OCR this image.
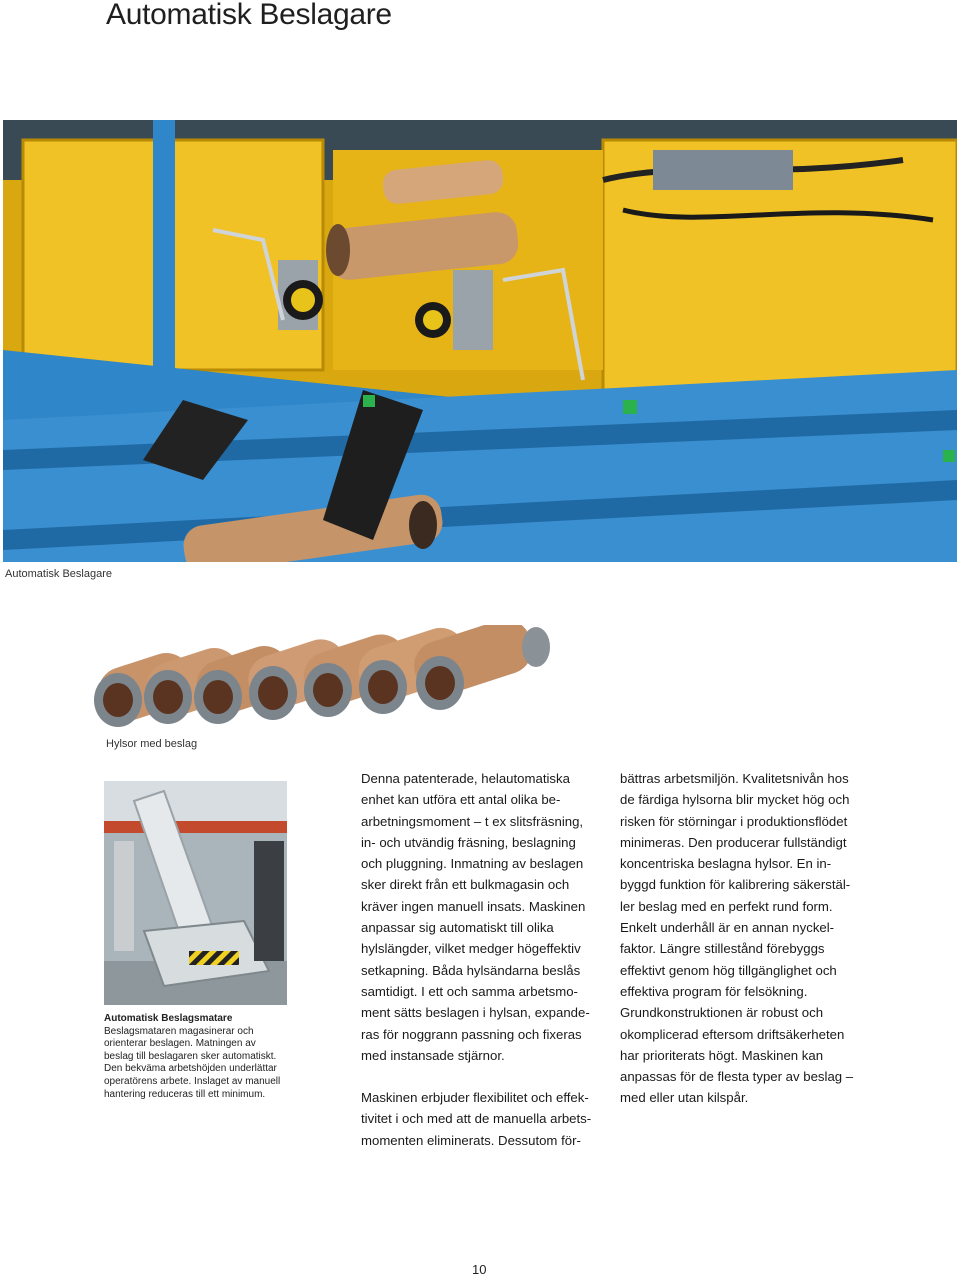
Automatisk Beslagare
Automatisk Beslagare
Hylsor med beslag
Automatisk Beslagsmatare
Beslagsmataren magasinerar och
orienterar beslagen. Matningen av
beslag till beslagaren sker automatiskt.
Den bekväma arbetshöjden underlättar
operatörens arbete. Inslaget av manuell
hantering reduceras till ett minimum.
Denna patenterade, helautomatiska
enhet kan utföra ett antal olika be-
arbetningsmoment – t ex slitsfräsning,
in- och utvändig fräsning, beslagning
och pluggning. Inmatning av beslagen
sker direkt från ett bulkmagasin och
kräver ingen manuell insats. Maskinen
anpassar sig automatiskt till olika
hylslängder, vilket medger högeffektiv
setkapning. Båda hylsändarna beslås
samtidigt. I ett och samma arbetsmo-
ment sätts beslagen i hylsan, expande-
ras för noggrann passning och fixeras
med instansade stjärnor.
Maskinen erbjuder flexibilitet och effek-
tivitet i och med att de manuella arbets-
momenten eliminerats. Dessutom för-
bättras arbetsmiljön. Kvalitetsnivån hos
de färdiga hylsorna blir mycket hög och
risken för störningar i produktionsflödet
minimeras. Den producerar fullständigt
koncentriska beslagna hylsor. En in-
byggd funktion för kalibrering säkerstäl-
ler beslag med en perfekt rund form.
Enkelt underhåll är en annan nyckel-
faktor. Längre stillestånd förebyggs
effektivt genom hög tillgänglighet och
effektiva program för felsökning.
Grundkonstruktionen är robust och
okomplicerad eftersom driftsäkerheten
har prioriterats högt. Maskinen kan
anpassas för de flesta typer av beslag –
med eller utan kilspår.
10
